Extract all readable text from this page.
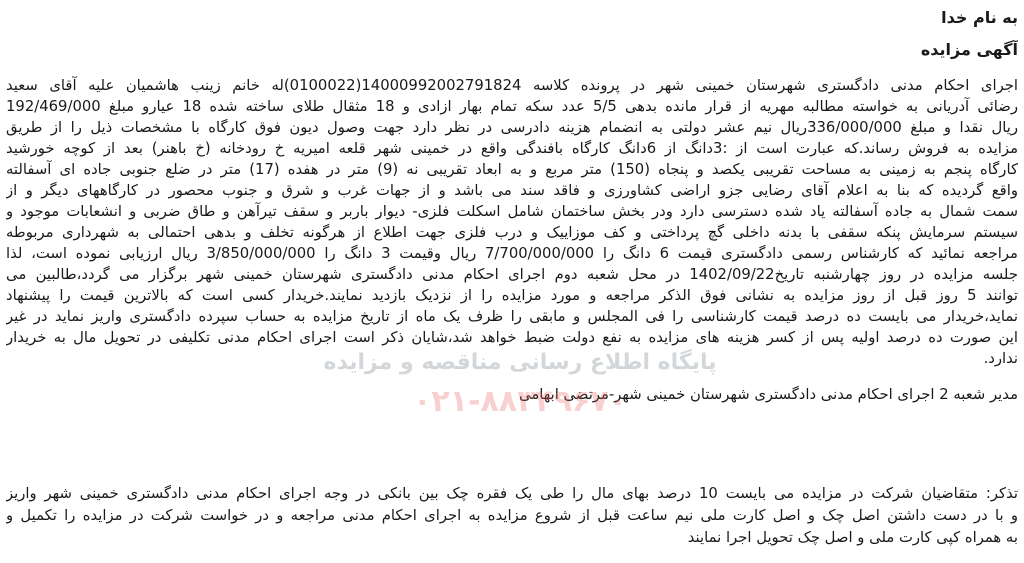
به نام خدا
آگهی مزایده
اجرای احکام مدنی دادگستری شهرستان خمینی شهر در پرونده کلاسه 14000992002791824(0100022)له خانم زینب هاشمیان علیه آقای سعید
رضائی آدریانی به خواسته مطالبه مهریه از قرار مانده بدهی 5/5 عدد سکه تمام بهار ازادی و 18 مثقال طلای ساخته شده 18 عیارو مبلغ 192/469/000
ریال نقدا و مبلغ 336/000/000ریال نیم عشر دولتی به انضمام هزینه دادرسی در نظر دارد جهت وصول دیون فوق کارگاه با مشخصات ذیل را از طریق
مزایده به فروش رساند.که عبارت است از :3دانگ از 6دانگ کارگاه بافندگی واقع در خمینی شهر قلعه امیریه خ رودخانه (خ باهنر) بعد از کوچه خورشید
کارگاه پنجم به زمینی به مساحت تقریبی یکصد و پنجاه (150) متر مربع و به ابعاد تقریبی نه (9) متر در هفده (17) متر در ضلع جنوبی جاده ای آسفالته
واقع گردیده که بنا به اعلام آقای رضایی جزو اراضی کشاورزی و فاقد سند می باشد و از جهات غرب و شرق و جنوب محصور در کارگاههای دیگر و از
سمت شمال به جاده آسفالته یاد شده دسترسی دارد ودر بخش ساختمان شامل اسکلت فلزی- دیوار باربر و سقف تیرآهن و طاق ضربی و انشعابات موجود و
سیستم سرمایش پنکه سقفی با بدنه داخلی گچ پرداختی و کف موزاییک و درب فلزی جهت اطلاع از هرگونه تخلف و بدهی احتمالی به شهرداری مربوطه
مراجعه نمائید که کارشناس رسمی دادگستری قیمت 6 دانگ را 7/700/000/000 ریال وقیمت 3 دانگ را 3/850/000/000 ریال ارزیابی نموده است، لذا
جلسه مزایده در روز چهارشنبه تاریخ1402/09/22 در محل شعبه دوم اجرای احکام مدنی دادگستری شهرستان خمینی شهر برگزار می گردد،طالبین می
توانند 5 روز قبل از روز مزایده به نشانی فوق الذکر مراجعه و مورد مزایده را از نزدیک بازدید نمایند.خریدار کسی است که بالاترین قیمت را پیشنهاد
نماید،خریدار می بایست ده درصد قیمت کارشناسی را فی المجلس و مابقی را ظرف یک ماه از تاریخ مزایده به حساب سپرده دادگستری واریز نماید در غیر
این صورت ده درصد اولیه پس از کسر هزینه های مزایده به نفع دولت ضبط خواهد شد،شایان ذکر است اجرای احکام مدنی تکلیفی در تحویل مال به خریدار
ندارد.
مدیر شعبه 2 اجرای احکام مدنی دادگستری شهرستان خمینی شهر-مرتضی ابهامی
تذکر: متقاضیان شرکت در مزایده می بایست 10 درصد بهای مال را طی یک فقره چک بین بانکی در وجه اجرای احکام مدنی دادگستری خمینی شهر واریز
و با در دست داشتن اصل چک و اصل کارت ملی نیم ساعت قبل از شروع مزایده به اجرای احکام مدنی مراجعه و در خواست شرکت در مزایده را تکمیل و
به همراه کپی کارت ملی و اصل چک تحویل اجرا نمایند
پایگاه اطلاع رسانی مناقصه و مزایده
۰۲۱-۸۸۳۴۹۶۷۰
